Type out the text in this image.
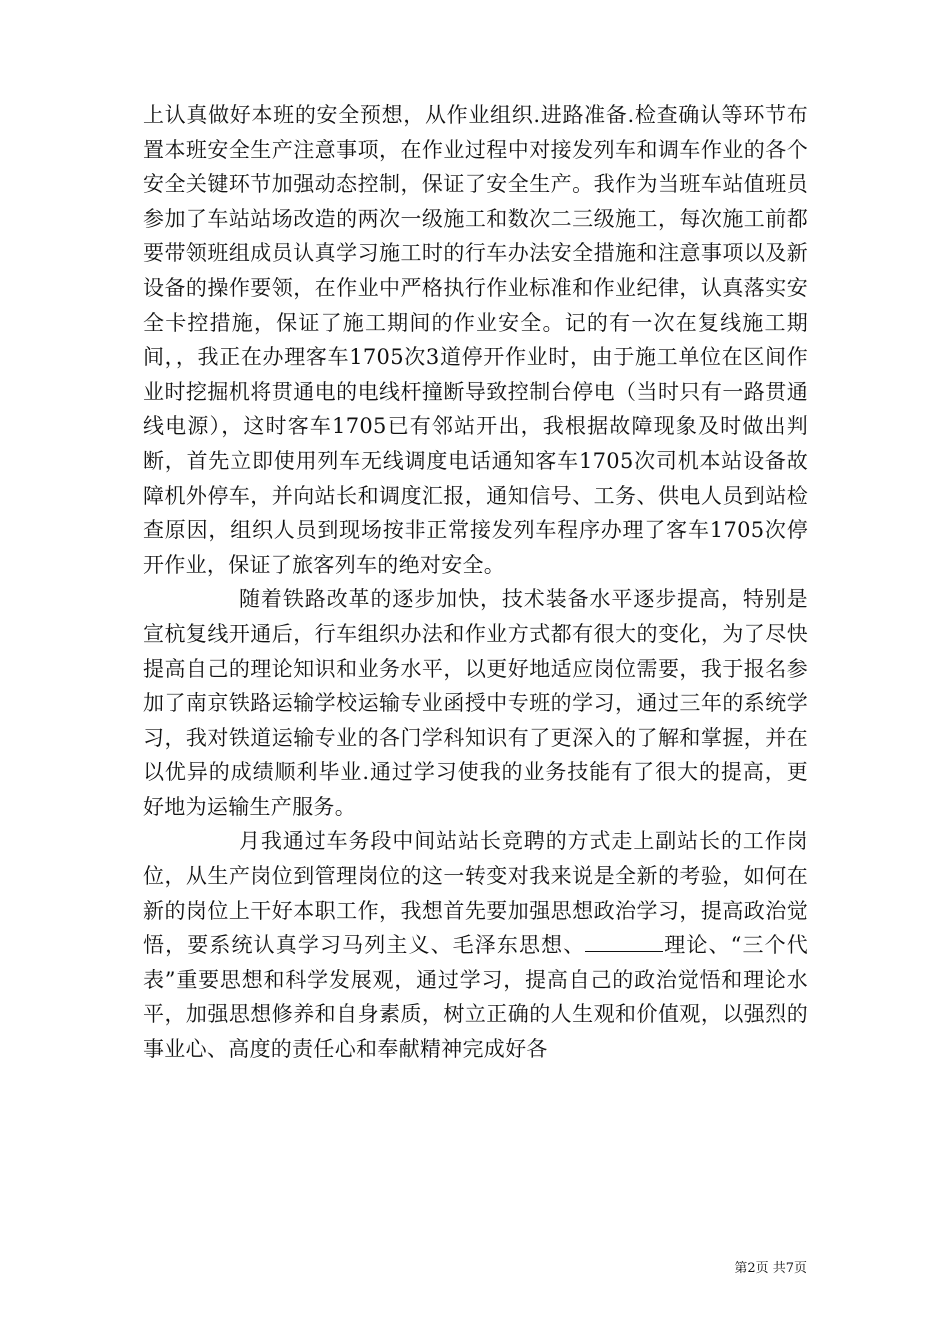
上认真做好本班的安全预想，从作业组织.进路准备.检查确认等环节布置本班安全生产注意事项，在作业过程中对接发列车和调车作业的各个安全关键环节加强动态控制，保证了安全生产。我作为当班车站值班员参加了车站站场改造的两次一级施工和数次二三级施工，每次施工前都要带领班组成员认真学习施工时的行车办法安全措施和注意事项以及新设备的操作要领，在作业中严格执行作业标准和作业纪律，认真落实安全卡控措施，保证了施工期间的作业安全。记的有一次在复线施工期间，，我正在办理客车1705次3道停开作业时，由于施工单位在区间作业时挖掘机将贯通电的电线杆撞断导致控制台停电（当时只有一路贯通线电源），这时客车1705已有邻站开出，我根据故障现象及时做出判断，首先立即使用列车无线调度电话通知客车1705次司机本站设备故障机外停车，并向站长和调度汇报，通知信号、工务、供电人员到站检查原因，组织人员到现场按非正常接发列车程序办理了客车1705次停开作业，保证了旅客列车的绝对安全。

随着铁路改革的逐步加快，技术装备水平逐步提高，特别是宣杭复线开通后，行车组织办法和作业方式都有很大的变化，为了尽快提高自己的理论知识和业务水平，以更好地适应岗位需要，我于报名参加了南京铁路运输学校运输专业函授中专班的学习，通过三年的系统学习，我对铁道运输专业的各门学科知识有了更深入的了解和掌握，并在以优异的成绩顺利毕业.通过学习使我的业务技能有了很大的提高，更好地为运输生产服务。

月我通过车务段中间站站长竞聘的方式走上副站长的工作岗位，从生产岗位到管理岗位的这一转变对我来说是全新的考验，如何在新的岗位上干好本职工作，我想首先要加强思想政治学习，提高政治觉悟，要系统认真学习马列主义、毛泽东思想、	理论、“三个代表”重要思想和科学发展观，通过学习，提高自己的政治觉悟和理论水平，加强思想修养和自身素质，树立正确的人生观和价值观，以强烈的事业心、高度的责任心和奉献精神完成好各

第2页 共7页
